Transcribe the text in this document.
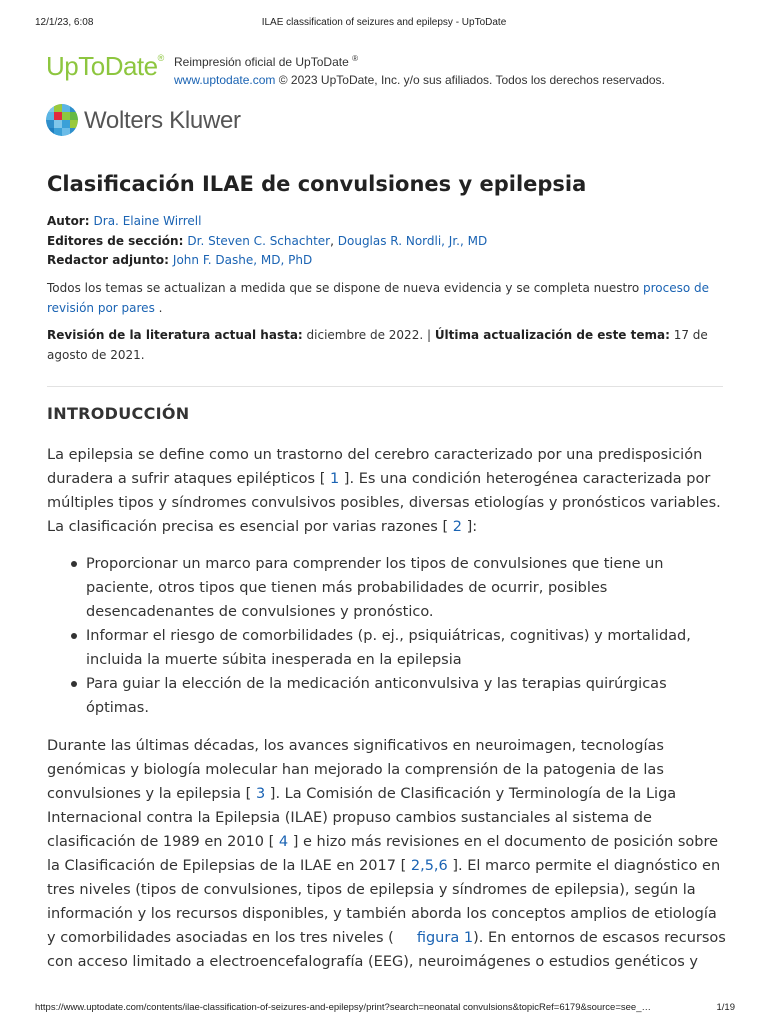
12/1/23, 6:08	ILAE classification of seizures and epilepsy - UpToDate
UpToDate® Reimpresión oficial de UpToDate ®
www.uptodate.com © 2023 UpToDate, Inc. y/o sus afiliados. Todos los derechos reservados.
Wolters Kluwer
Clasificación ILAE de convulsiones y epilepsia
Autor: Dra. Elaine Wirrell
Editores de sección: Dr. Steven C. Schachter, Douglas R. Nordli, Jr., MD
Redactor adjunto: John F. Dashe, MD, PhD

Todos los temas se actualizan a medida que se dispone de nueva evidencia y se completa nuestro proceso de revisión por pares .

Revisión de la literatura actual hasta: diciembre de 2022. | Última actualización de este tema: 17 de agosto de 2021.

INTRODUCCIÓN

La epilepsia se define como un trastorno del cerebro caracterizado por una predisposición duradera a sufrir ataques epilépticos [ 1 ]. Es una condición heterogénea caracterizada por múltiples tipos y síndromes convulsivos posibles, diversas etiologías y pronósticos variables. La clasificación precisa es esencial por varias razones [ 2 ]:

Proporcionar un marco para comprender los tipos de convulsiones que tiene un paciente, otros tipos que tienen más probabilidades de ocurrir, posibles desencadenantes de convulsiones y pronóstico.
Informar el riesgo de comorbilidades (p. ej., psiquiátricas, cognitivas) y mortalidad, incluida la muerte súbita inesperada en la epilepsia
Para guiar la elección de la medicación anticonvulsiva y las terapias quirúrgicas óptimas.

Durante las últimas décadas, los avances significativos en neuroimagen, tecnologías genómicas y biología molecular han mejorado la comprensión de la patogenia de las convulsiones y la epilepsia [ 3 ]. La Comisión de Clasificación y Terminología de la Liga Internacional contra la Epilepsia (ILAE) propuso cambios sustanciales al sistema de clasificación de 1989 en 2010 [ 4 ] e hizo más revisiones en el documento de posición sobre la Clasificación de Epilepsias de la ILAE en 2017 [ 2,5,6 ]. El marco permite el diagnóstico en tres niveles (tipos de convulsiones, tipos de epilepsia y síndromes de epilepsia), según la información y los recursos disponibles, y también aborda los conceptos amplios de etiología y comorbilidades asociadas en los tres niveles (     figura 1). En entornos de escasos recursos con acceso limitado a electroencefalografía (EEG), neuroimágenes o estudios genéticos y

https://www.uptodate.com/contents/ilae-classification-of-seizures-and-epilepsy/print?search=neonatal convulsions&topicRef=6179&source=see_…	1/19
